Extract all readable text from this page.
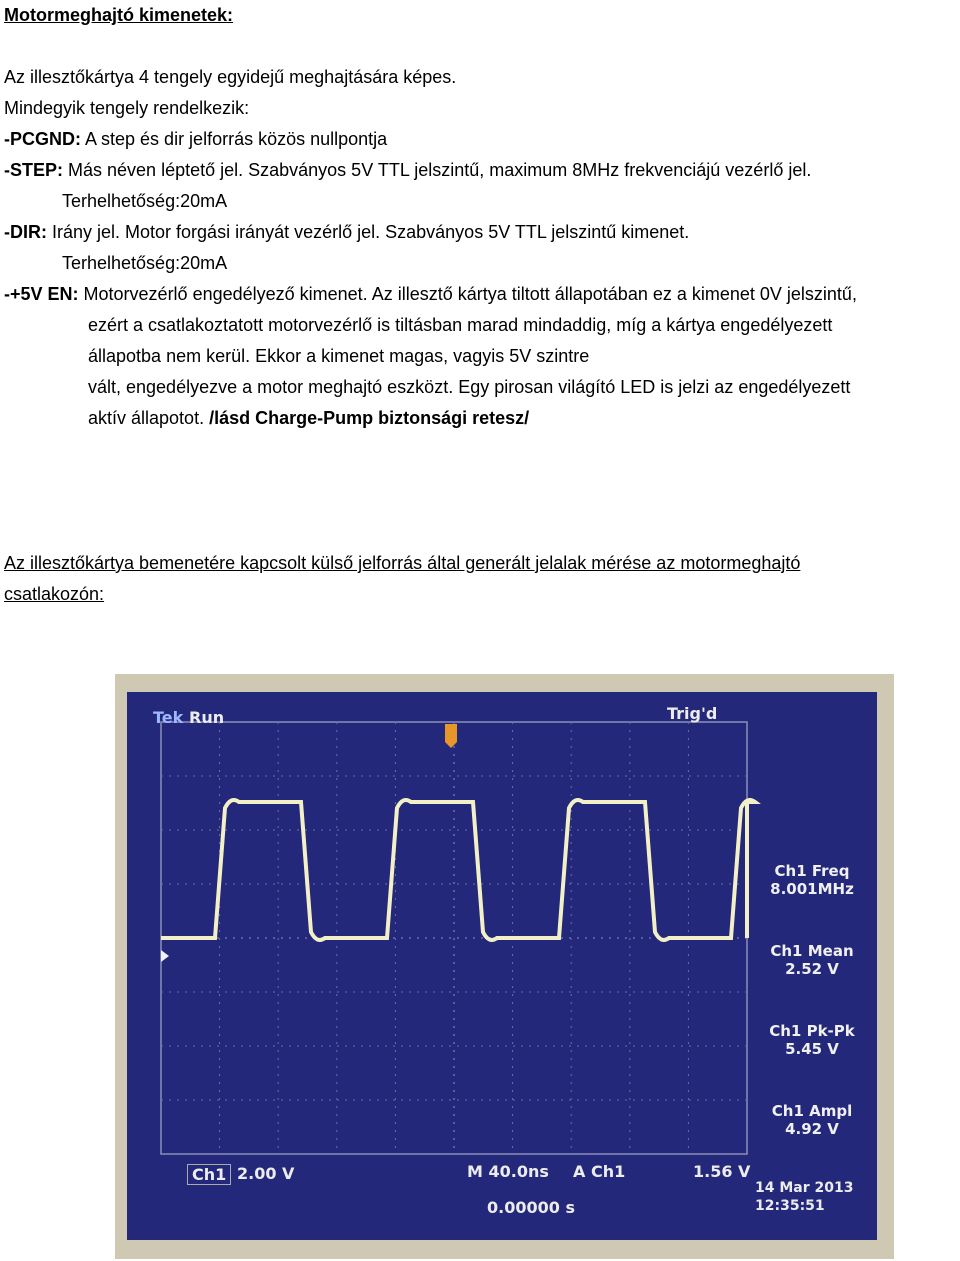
Motormeghajtó kimenetek:
Az illesztőkártya 4 tengely egyidejű meghajtására képes.
Mindegyik tengely rendelkezik:
-PCGND: A step és dir jelforrás közös nullpontja
-STEP: Más néven léptető jel. Szabványos 5V TTL jelszintű, maximum 8MHz frekvenciájú vezérlő jel.
Terhelhetőség:20mA
-DIR: Irány jel. Motor forgási irányát vezérlő jel. Szabványos 5V TTL jelszintű kimenet.
Terhelhetőség:20mA
-+5V EN: Motorvezérlő engedélyező kimenet. Az illesztő kártya tiltott állapotában ez a kimenet 0V jelszintű,
ezért a csatlakoztatott motorvezérlő is tiltásban marad mindaddig, míg a kártya engedélyezett
állapotba nem kerül. Ekkor a kimenet magas, vagyis 5V szintre
vált, engedélyezve a motor meghajtó eszközt. Egy pirosan világító LED is jelzi az engedélyezett
aktív állapotot. /lásd Charge-Pump biztonsági retesz/
Az illesztőkártya bemenetére kapcsolt külső jelforrás által generált jelalak mérése az motormeghajtó
csatlakozón:
Tek Run	Trig'd
Ch1 Freq
8.001MHz
Ch1 Mean
2.52 V
Ch1 Pk-Pk
5.45 V
Ch1 Ampl
4.92 V
Ch1 2.00 V	M 40.0ns A Ch1	1.56 V
0.00000 s
14 Mar 2013
12:35:51
